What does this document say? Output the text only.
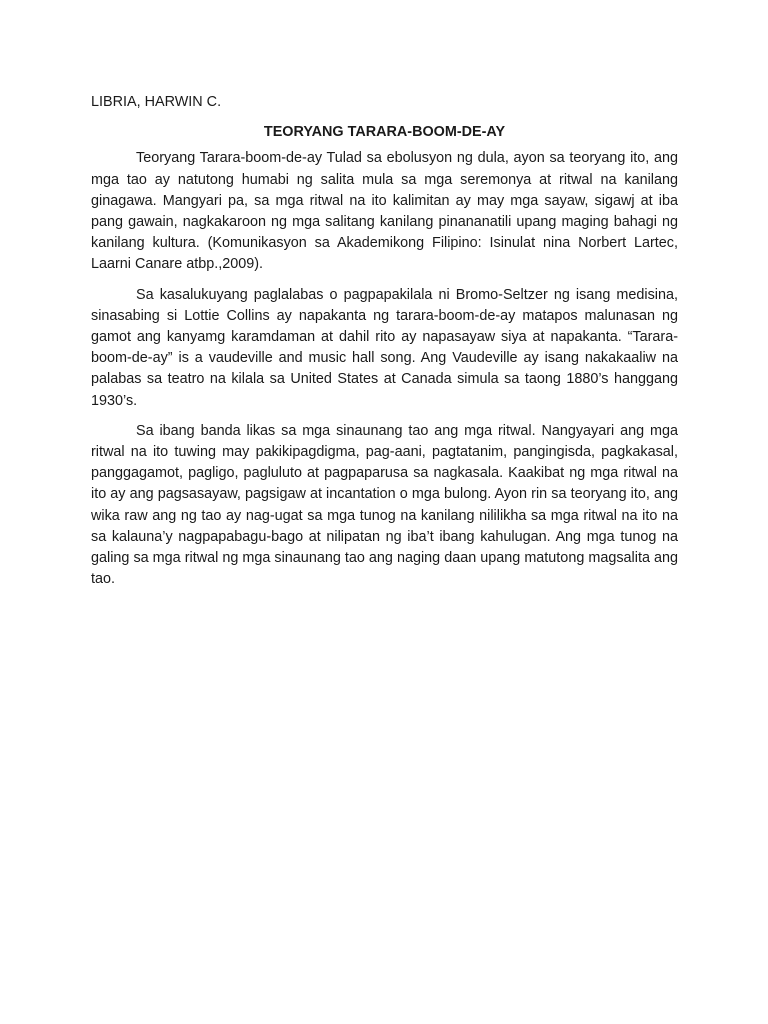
LIBRIA, HARWIN C.

TEORYANG TARARA-BOOM-DE-AY

Teoryang Tarara-boom-de-ay Tulad sa ebolusyon ng dula, ayon sa teoryang ito, ang mga tao ay natutong humabi ng salita mula sa mga seremonya at ritwal na kanilang ginagawa. Mangyari pa, sa mga ritwal na ito kalimitan ay may mga sayaw, sigawj at iba pang gawain, nagkakaroon ng mga salitang kanilang pinananatili upang maging bahagi ng kanilang kultura. (Komunikasyon sa Akademikong Filipino: Isinulat nina Norbert Lartec, Laarni Canare atbp.,2009).

Sa kasalukuyang paglalabas o pagpapakilala ni Bromo-Seltzer ng isang medisina, sinasabing si Lottie Collins ay napakanta ng tarara-boom-de-ay matapos malunasan ng gamot ang kanyamg karamdaman at dahil rito ay napasayaw siya at napakanta. “Tarara-boom-de-ay” is a vaudeville and music hall song. Ang Vaudeville ay isang nakakaaliw na palabas sa teatro na kilala sa United States at Canada simula sa taong 1880’s hanggang 1930’s.

Sa ibang banda likas sa mga sinaunang tao ang mga ritwal. Nangyayari ang mga ritwal na ito tuwing may pakikipagdigma, pag-aani, pagtatanim, pangingisda, pagkakasal, panggagamot, pagligo, pagluluto at pagpaparusa sa nagkasala. Kaakibat ng mga ritwal na ito ay ang pagsasayaw, pagsigaw at incantation o mga bulong. Ayon rin sa teoryang ito, ang wika raw ang ng tao ay nag-ugat sa mga tunog na kanilang nililikha sa mga ritwal na ito na sa kalauna’y nagpapabagu-bago at nilipatan ng iba’t ibang kahulugan. Ang mga tunog na galing sa mga ritwal ng mga sinaunang tao ang naging daan upang matutong magsalita ang tao.
